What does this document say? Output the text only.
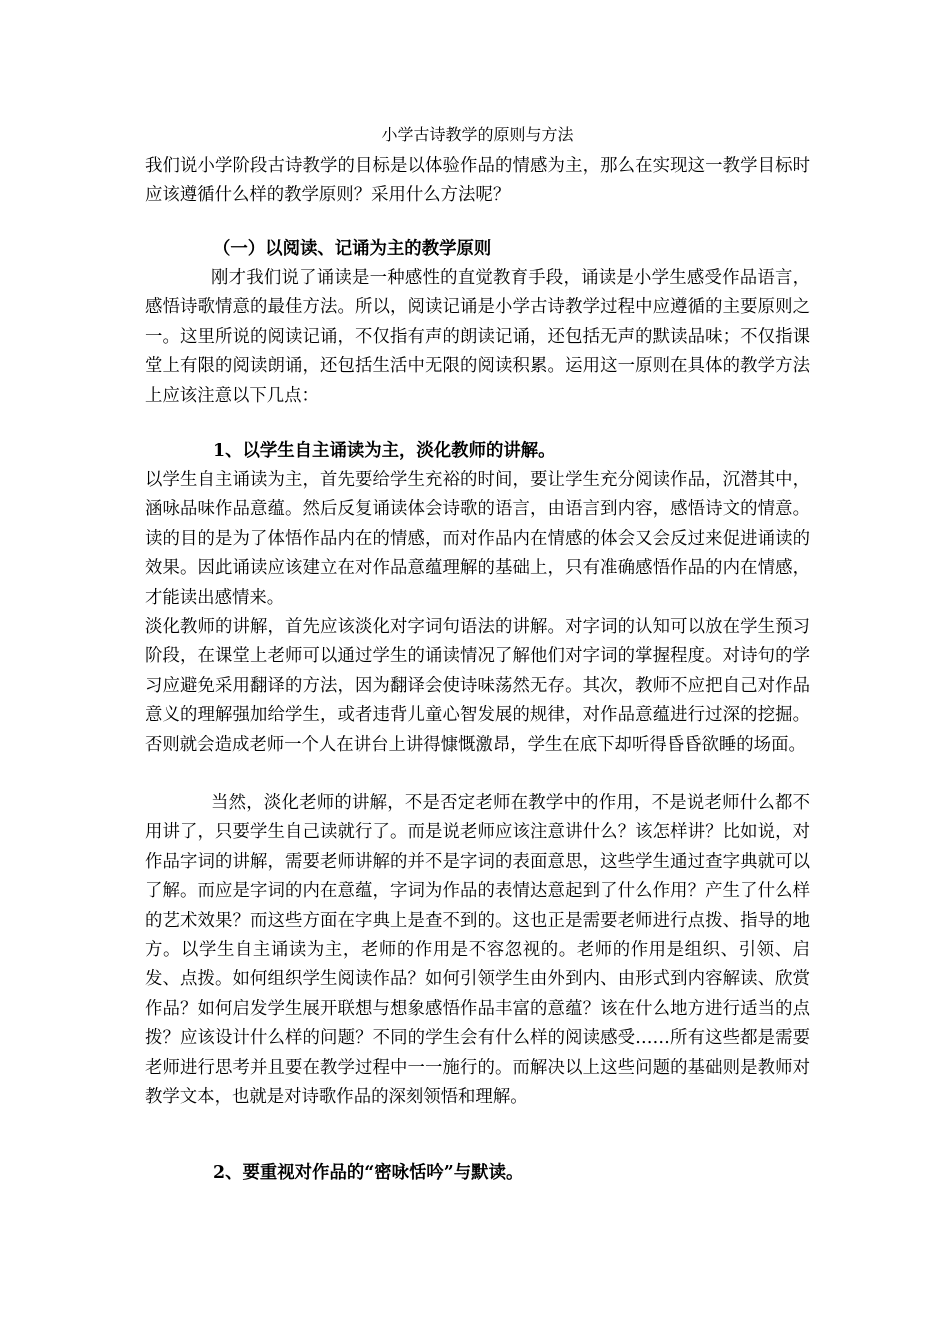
小学古诗教学的原则与方法

我们说小学阶段古诗教学的目标是以体验作品的情感为主，那么在实现这一教学目标时应该遵循什么样的教学原则？采用什么方法呢？

（一）以阅读、记诵为主的教学原则

刚才我们说了诵读是一种感性的直觉教育手段，诵读是小学生感受作品语言，感悟诗歌情意的最佳方法。所以，阅读记诵是小学古诗教学过程中应遵循的主要原则之一。这里所说的阅读记诵，不仅指有声的朗读记诵，还包括无声的默读品味；不仅指课堂上有限的阅读朗诵，还包括生活中无限的阅读积累。运用这一原则在具体的教学方法上应该注意以下几点：

1、以学生自主诵读为主，淡化教师的讲解。

以学生自主诵读为主，首先要给学生充裕的时间，要让学生充分阅读作品，沉潜其中，涵咏品味作品意蕴。然后反复诵读体会诗歌的语言，由语言到内容，感悟诗文的情意。读的目的是为了体悟作品内在的情感，而对作品内在情感的体会又会反过来促进诵读的效果。因此诵读应该建立在对作品意蕴理解的基础上，只有准确感悟作品的内在情感，才能读出感情来。

淡化教师的讲解，首先应该淡化对字词句语法的讲解。对字词的认知可以放在学生预习阶段，在课堂上老师可以通过学生的诵读情况了解他们对字词的掌握程度。对诗句的学习应避免采用翻译的方法，因为翻译会使诗味荡然无存。其次，教师不应把自己对作品意义的理解强加给学生，或者违背儿童心智发展的规律，对作品意蕴进行过深的挖掘。否则就会造成老师一个人在讲台上讲得慷慨激昂，学生在底下却听得昏昏欲睡的场面。

当然，淡化老师的讲解，不是否定老师在教学中的作用，不是说老师什么都不用讲了，只要学生自己读就行了。而是说老师应该注意讲什么？该怎样讲？比如说，对作品字词的讲解，需要老师讲解的并不是字词的表面意思，这些学生通过查字典就可以了解。而应是字词的内在意蕴，字词为作品的表情达意起到了什么作用？产生了什么样的艺术效果？而这些方面在字典上是查不到的。这也正是需要老师进行点拨、指导的地方。以学生自主诵读为主，老师的作用是不容忽视的。老师的作用是组织、引领、启发、点拨。如何组织学生阅读作品？如何引领学生由外到内、由形式到内容解读、欣赏作品？如何启发学生展开联想与想象感悟作品丰富的意蕴？该在什么地方进行适当的点拨？应该设计什么样的问题？不同的学生会有什么样的阅读感受……所有这些都是需要老师进行思考并且要在教学过程中一一施行的。而解决以上这些问题的基础则是教师对教学文本，也就是对诗歌作品的深刻领悟和理解。

2、要重视对作品的“密咏恬吟”与默读。
